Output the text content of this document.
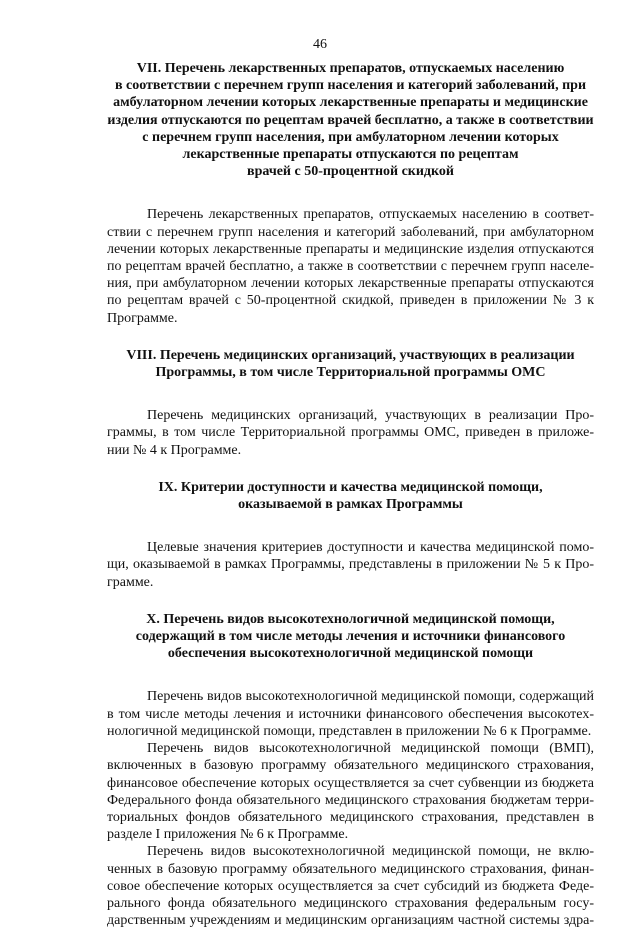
46
VII. Перечень лекарственных препаратов, отпускаемых населению
в соответствии с перечнем групп населения и категорий заболеваний, при
амбулаторном лечении которых лекарственные препараты и медицинские
изделия отпускаются по рецептам врачей бесплатно, а также в соответствии
с перечнем групп населения, при амбулаторном лечении которых
лекарственные препараты отпускаются по рецептам
врачей с 50-процентной скидкой
Перечень лекарственных препаратов, отпускаемых населению в соответ-
ствии с перечнем групп населения и категорий заболеваний, при амбулаторном
лечении которых лекарственные препараты и медицинские изделия отпускаются
по рецептам врачей бесплатно, а также в соответствии с перечнем групп населе-
ния, при амбулаторном лечении которых лекарственные препараты отпускаются
по рецептам врачей с 50-процентной скидкой, приведен в приложении № 3 к
Программе.
VIII. Перечень медицинских организаций, участвующих в реализации
Программы, в том числе Территориальной программы ОМС
Перечень медицинских организаций, участвующих в реализации Про-
граммы, в том числе Территориальной программы ОМС, приведен в приложе-
нии № 4 к Программе.
IX. Критерии доступности и качества медицинской помощи,
оказываемой в рамках Программы
Целевые значения критериев доступности и качества медицинской помо-
щи, оказываемой в рамках Программы, представлены в приложении № 5 к Про-
грамме.
X. Перечень видов высокотехнологичной медицинской помощи,
содержащий в том числе методы лечения и источники финансового
обеспечения высокотехнологичной медицинской помощи
Перечень видов высокотехнологичной медицинской помощи, содержащий
в том числе методы лечения и источники финансового обеспечения высокотех-
нологичной медицинской помощи, представлен в приложении № 6 к Программе.
Перечень видов высокотехнологичной медицинской помощи (ВМП),
включенных в базовую программу обязательного медицинского страхования,
финансовое обеспечение которых осуществляется за счет субвенции из бюджета
Федерального фонда обязательного медицинского страхования бюджетам терри-
ториальных фондов обязательного медицинского страхования, представлен в
разделе I приложения № 6 к Программе.
Перечень видов высокотехнологичной медицинской помощи, не вклю-
ченных в базовую программу обязательного медицинского страхования, финан-
совое обеспечение которых осуществляется за счет субсидий из бюджета Феде-
рального фонда обязательного медицинского страхования федеральным госу-
дарственным учреждениям и медицинским организациям частной системы здра-
